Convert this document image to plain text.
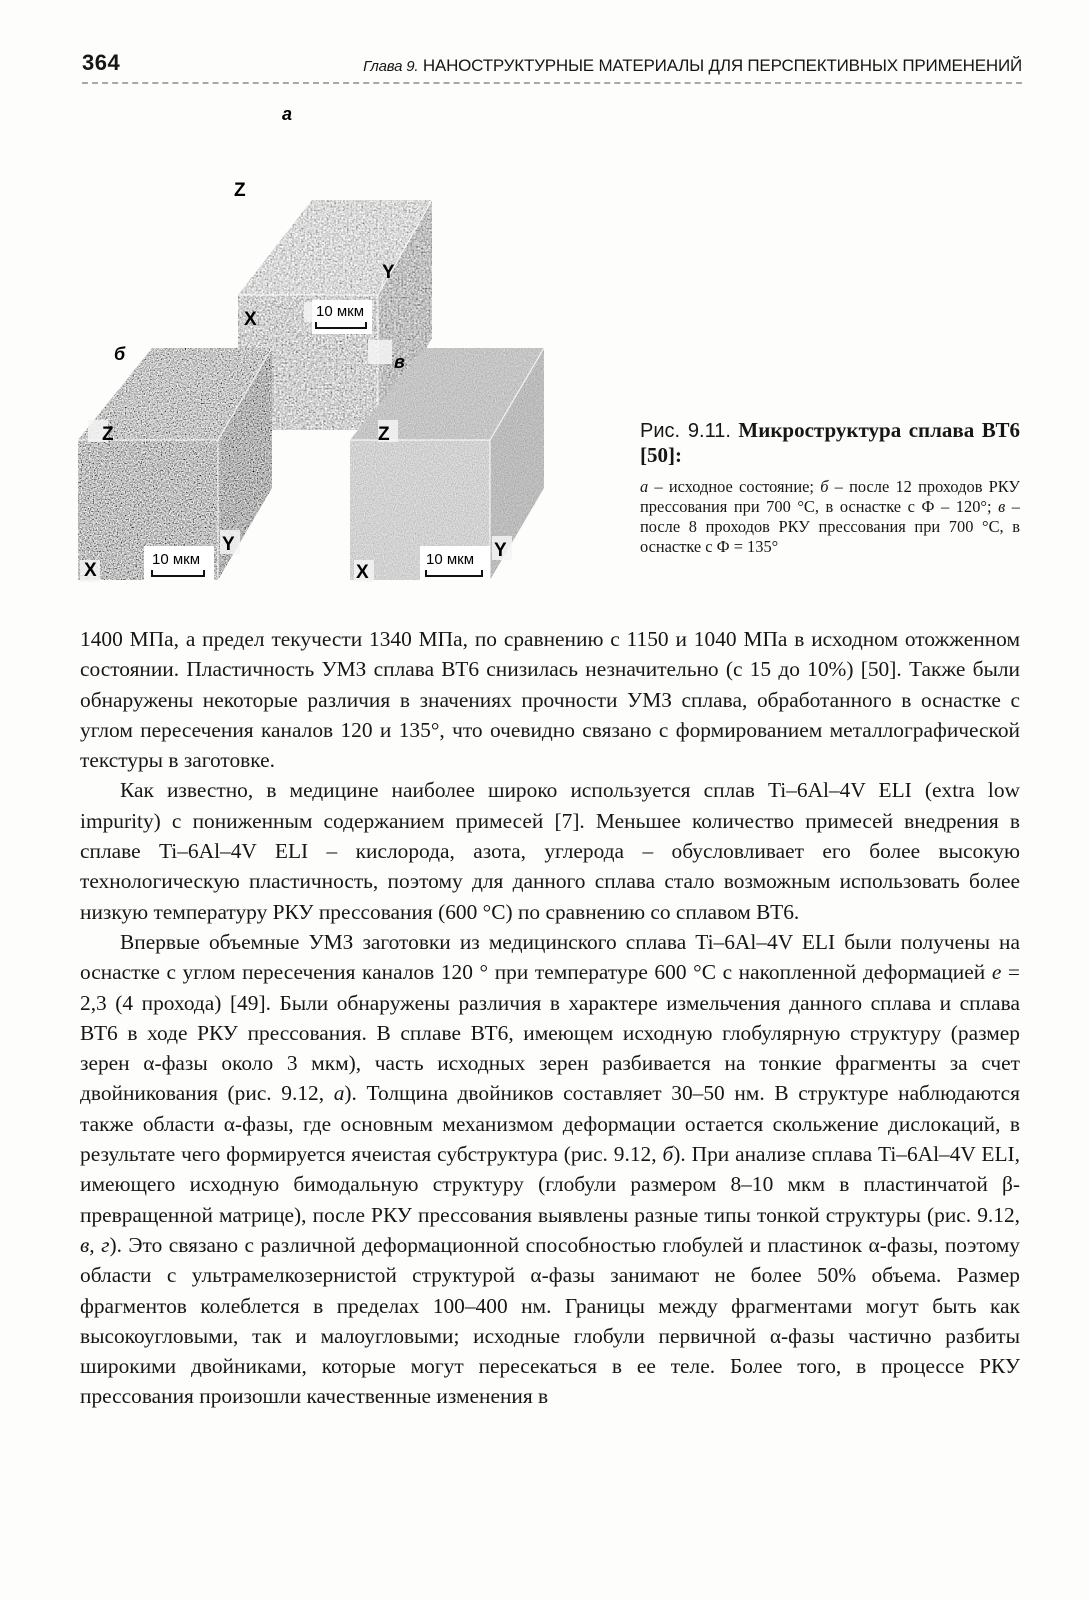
364	Глава 9. НАНОСТРУКТУРНЫЕ МАТЕРИАЛЫ ДЛЯ ПЕРСПЕКТИВНЫХ ПРИМЕНЕНИЙ
а
Z
X
Y
10 мкм
б
Z
X
Y
10 мкм
в
Z
X
Y
10 мкм
Рис. 9.11. Микроструктура сплава ВТ6 [50]:
а – исходное состояние; б – после 12 проходов РКУ прессования при 700 °С, в оснастке с Ф – 120°; в – после 8 проходов РКУ прессования при 700 °С, в оснастке с Ф = 135°

1400 МПа, а предел текучести 1340 МПа, по сравнению с 1150 и 1040 МПа в исходном отожженном состоянии. Пластичность УМЗ сплава ВТ6 снизилась незначительно (с 15 до 10%) [50]. Также были обнаружены некоторые различия в значениях прочности УМЗ сплава, обработанного в оснастке с углом пересечения каналов 120 и 135°, что очевидно связано с формированием металлографической текстуры в заготовке.

Как известно, в медицине наиболее широко используется сплав Ti–6Al–4V ELI (extra low impurity) с пониженным содержанием примесей [7]. Меньшее количество примесей внедрения в сплаве Ti–6Al–4V ELI – кислорода, азота, углерода – обусловливает его более высокую технологическую пластичность, поэтому для данного сплава стало возможным использовать более низкую температуру РКУ прессования (600 °С) по сравнению со сплавом ВТ6.

Впервые объемные УМЗ заготовки из медицинского сплава Ti–6Al–4V ELI были получены на оснастке с углом пересечения каналов 120 ° при температуре 600 °С с накопленной деформацией e = 2,3 (4 прохода) [49]. Были обнаружены различия в характере измельчения данного сплава и сплава ВТ6 в ходе РКУ прессования. В сплаве ВТ6, имеющем исходную глобулярную структуру (размер зерен α-фазы около 3 мкм), часть исходных зерен разбивается на тонкие фрагменты за счет двойникования (рис. 9.12, а). Толщина двойников составляет 30–50 нм. В структуре наблюдаются также области α-фазы, где основным механизмом деформации остается скольжение дислокаций, в результате чего формируется ячеистая субструктура (рис. 9.12, б). При анализе сплава Ti–6Al–4V ELI, имеющего исходную бимодальную структуру (глобули размером 8–10 мкм в пластинчатой β-превращенной матрице), после РКУ прессования выявлены разные типы тонкой структуры (рис. 9.12, в, г). Это связано с различной деформационной способностью глобулей и пластинок α-фазы, поэтому области с ультрамелкозернистой структурой α-фазы занимают не более 50% объема. Размер фрагментов колеблется в пределах 100–400 нм. Границы между фрагментами могут быть как высокоугловыми, так и малоугловыми; исходные глобули первичной α-фазы частично разбиты широкими двойниками, которые могут пересекаться в ее теле. Более того, в процессе РКУ прессования произошли качественные изменения в
